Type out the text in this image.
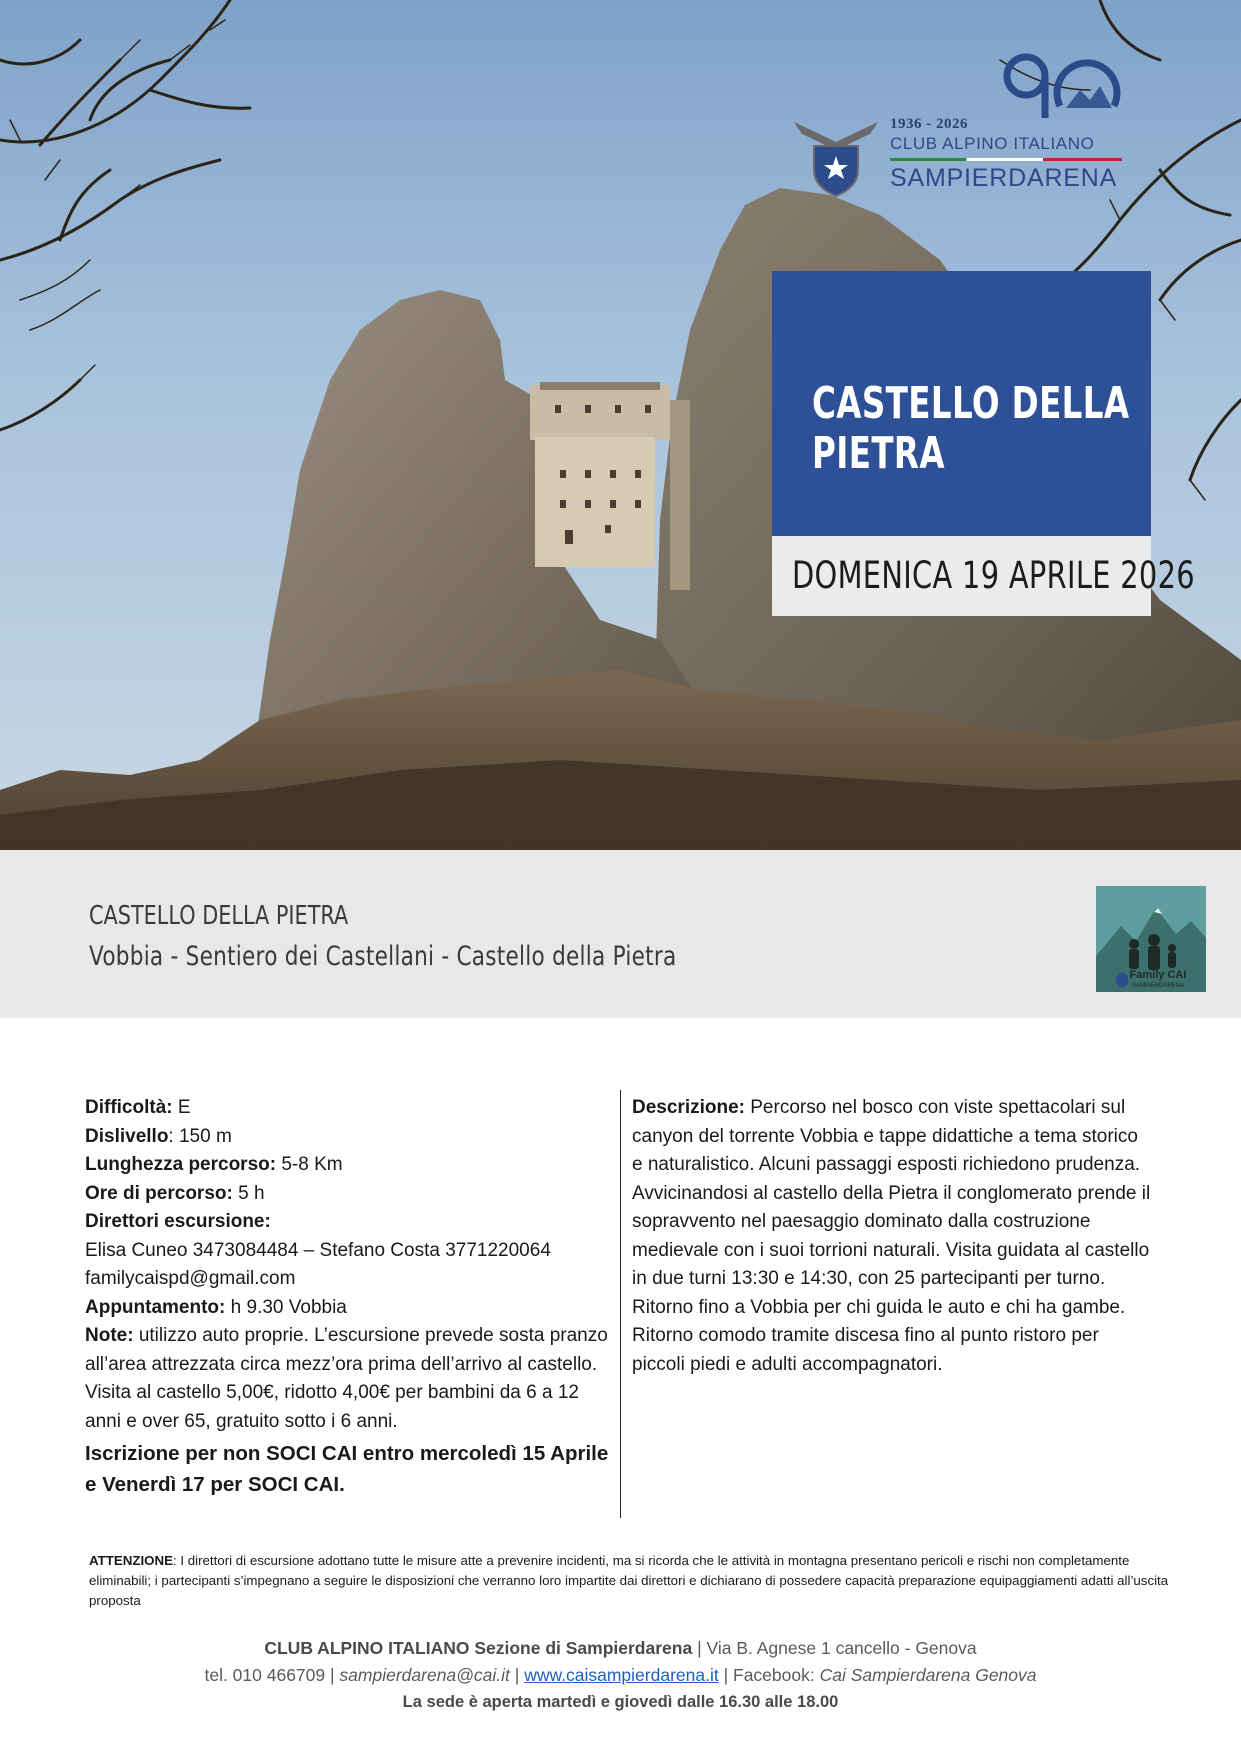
1936 - 2026
CLUB ALPINO ITALIANO
SAMPIERDARENA
CASTELLO DELLA
PIETRA
DOMENICA 19 APRILE 2026
CASTELLO DELLA PIETRA
Vobbia - Sentiero dei Castellani - Castello della Pietra
Family CAI
SAMPIERDARENA
Difficoltà: E
Dislivello: 150 m
Lunghezza percorso: 5-8 Km
Ore di percorso: 5 h
Direttori escursione:
Elisa Cuneo 3473084484 – Stefano Costa 3771220064
familycaispd@gmail.com
Appuntamento: h 9.30 Vobbia
Note: utilizzo auto proprie. L’escursione prevede sosta pranzo all’area attrezzata circa mezz’ora prima dell’arrivo al castello.
Visita al castello 5,00€, ridotto 4,00€ per bambini da 6 a 12 anni e over 65, gratuito sotto i 6 anni.
Iscrizione per non SOCI CAI entro mercoledì 15 Aprile e Venerdì 17 per SOCI CAI.
Descrizione: Percorso nel bosco con viste spettacolari sul canyon del torrente Vobbia e tappe didattiche a tema storico e naturalistico. Alcuni passaggi esposti richiedono prudenza. Avvicinandosi al castello della Pietra il conglomerato prende il sopravvento nel paesaggio dominato dalla costruzione medievale con i suoi torrioni naturali. Visita guidata al castello in due turni 13:30 e 14:30, con 25 partecipanti per turno.
Ritorno fino a Vobbia per chi guida le auto e chi ha gambe. Ritorno comodo tramite discesa fino al punto ristoro per piccoli piedi e adulti accompagnatori.
ATTENZIONE: I direttori di escursione adottano tutte le misure atte a prevenire incidenti, ma si ricorda che le attività in montagna presentano pericoli e rischi non completamente eliminabili; i partecipanti s’impegnano a seguire le disposizioni che verranno loro impartite dai direttori e dichiarano di possedere capacità preparazione equipaggiamenti adatti all’uscita proposta
CLUB ALPINO ITALIANO Sezione di Sampierdarena | Via B. Agnese 1 cancello - Genova
tel. 010 466709 | sampierdarena@cai.it | www.caisampierdarena.it | Facebook: Cai Sampierdarena Genova
La sede è aperta martedì e giovedì dalle 16.30 alle 18.00
